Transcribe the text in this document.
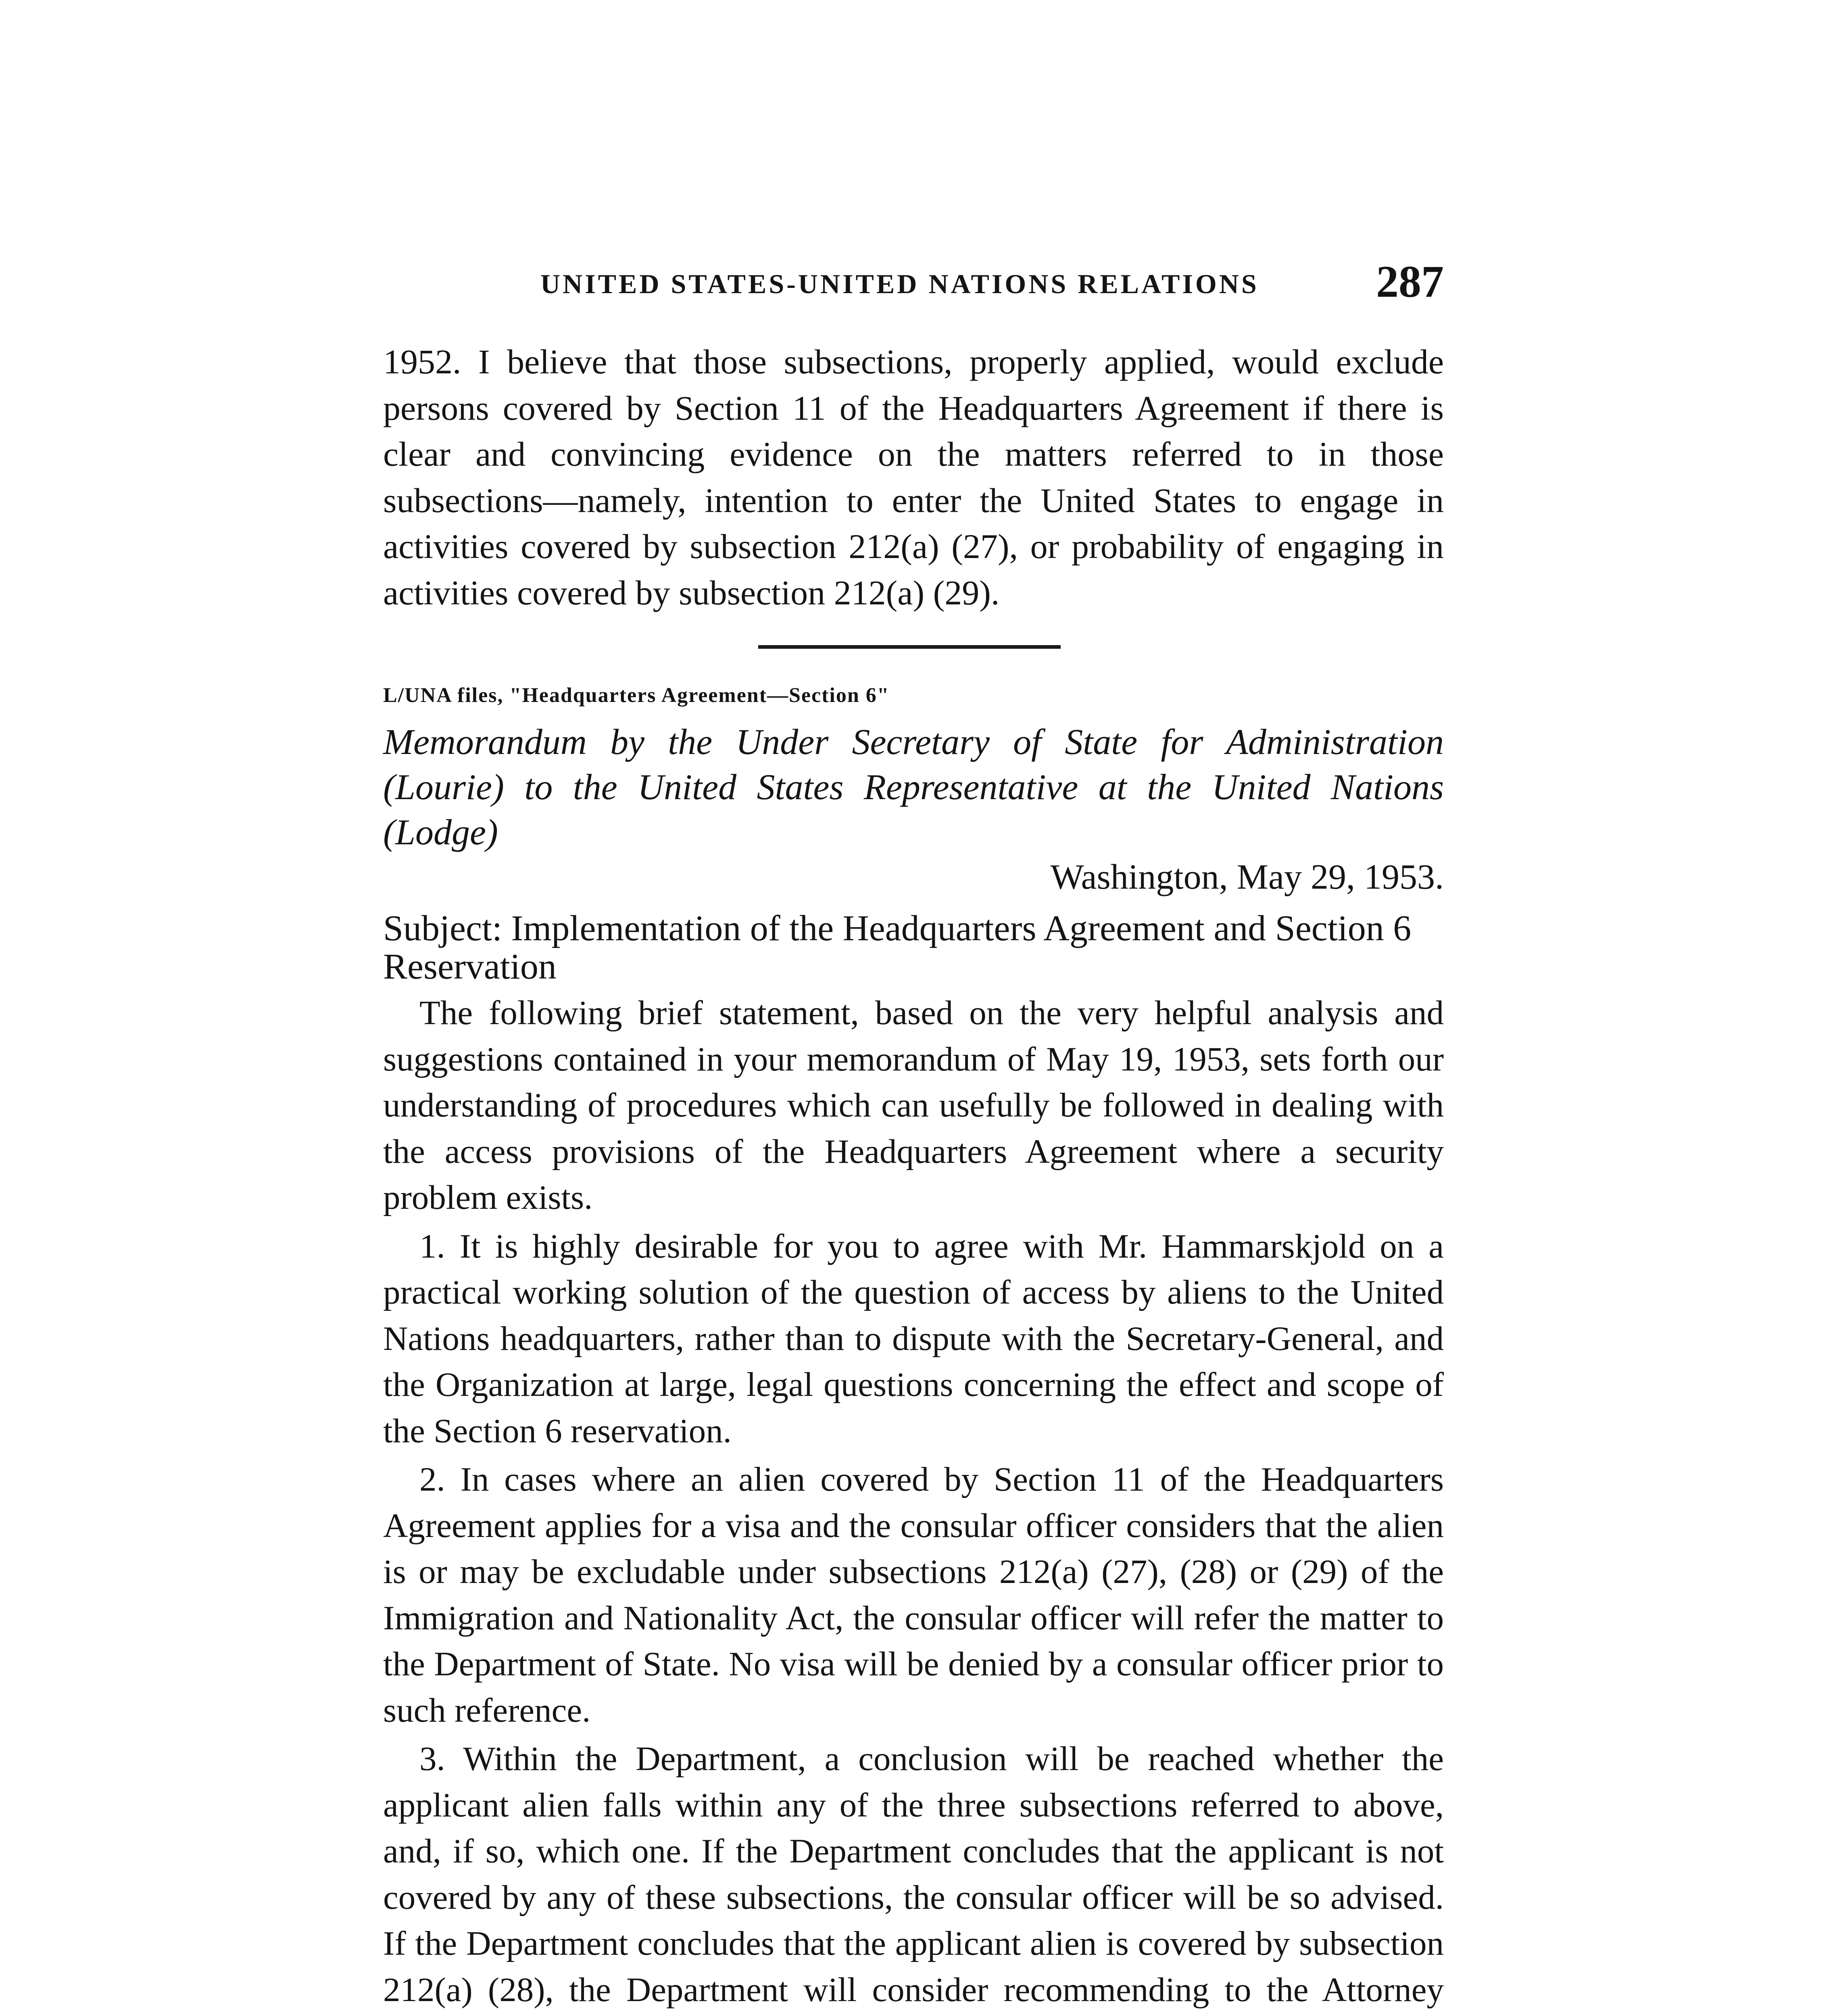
UNITED STATES-UNITED NATIONS RELATIONS	287

1952. I believe that those subsections, properly applied, would exclude persons covered by Section 11 of the Headquarters Agreement if there is clear and convincing evidence on the matters referred to in those subsections—namely, intention to enter the United States to engage in activities covered by subsection 212(a) (27), or probability of engaging in activities covered by subsection 212(a) (29).

L/UNA files, "Headquarters Agreement—Section 6"

Memorandum by the Under Secretary of State for Administration (Lourie) to the United States Representative at the United Nations (Lodge)

Washington, May 29, 1953.

Subject: Implementation of the Headquarters Agreement and Section 6 Reservation

The following brief statement, based on the very helpful analysis and suggestions contained in your memorandum of May 19, 1953, sets forth our understanding of procedures which can usefully be followed in dealing with the access provisions of the Headquarters Agreement where a security problem exists.

1. It is highly desirable for you to agree with Mr. Hammarskjold on a practical working solution of the question of access by aliens to the United Nations headquarters, rather than to dispute with the Secretary-General, and the Organization at large, legal questions concerning the effect and scope of the Section 6 reservation.

2. In cases where an alien covered by Section 11 of the Headquarters Agreement applies for a visa and the consular officer considers that the alien is or may be excludable under subsections 212(a) (27), (28) or (29) of the Immigration and Nationality Act, the consular officer will refer the matter to the Department of State. No visa will be denied by a consular officer prior to such reference.

3. Within the Department, a conclusion will be reached whether the applicant alien falls within any of the three subsections referred to above, and, if so, which one. If the Department concludes that the applicant is not covered by any of these subsections, the consular officer will be so advised. If the Department concludes that the applicant alien is covered by subsection 212(a) (28), the Department will consider recommending to the Attorney
